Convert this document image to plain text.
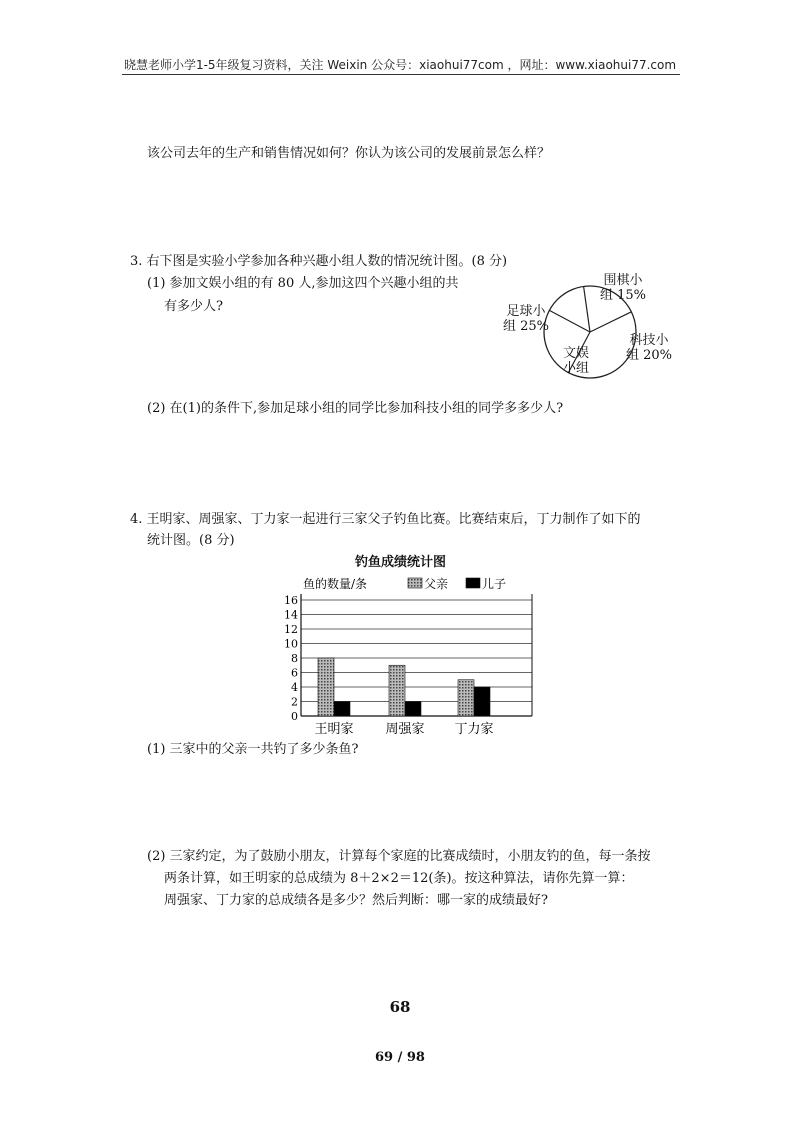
晓慧老师小学1-5年级复习资料，关注 Weixin 公众号：xiaohui77com ，网址：www.xiaohui77.com
该公司去年的生产和销售情况如何？你认为该公司的发展前景怎么样？
3. 右下图是实验小学参加各种兴趣小组人数的情况统计图。(8 分)
(1) 参加文娱小组的有 80 人,参加这四个兴趣小组的共
有多少人?
围棋小
组 15%
科技小
组 20%
文娱
小组
足球小
组 25%
(2) 在(1)的条件下,参加足球小组的同学比参加科技小组的同学多多少人?
4. 王明家、周强家、丁力家一起进行三家父子钓鱼比赛。比赛结束后，丁力制作了如下的
统计图。(8 分)
钓鱼成绩统计图
0
2
4
6
8
10
12
14
16
鱼的数量/条	父亲	儿子
王明家 周强家 丁力家
(1) 三家中的父亲一共钓了多少条鱼?
(2) 三家约定，为了鼓励小朋友，计算每个家庭的比赛成绩时，小朋友钓的鱼，每一条按
两条计算，如王明家的总成绩为 8＋2×2＝12(条)。按这种算法，请你先算一算：
周强家、丁力家的总成绩各是多少？然后判断：哪一家的成绩最好?
68
69 / 98
